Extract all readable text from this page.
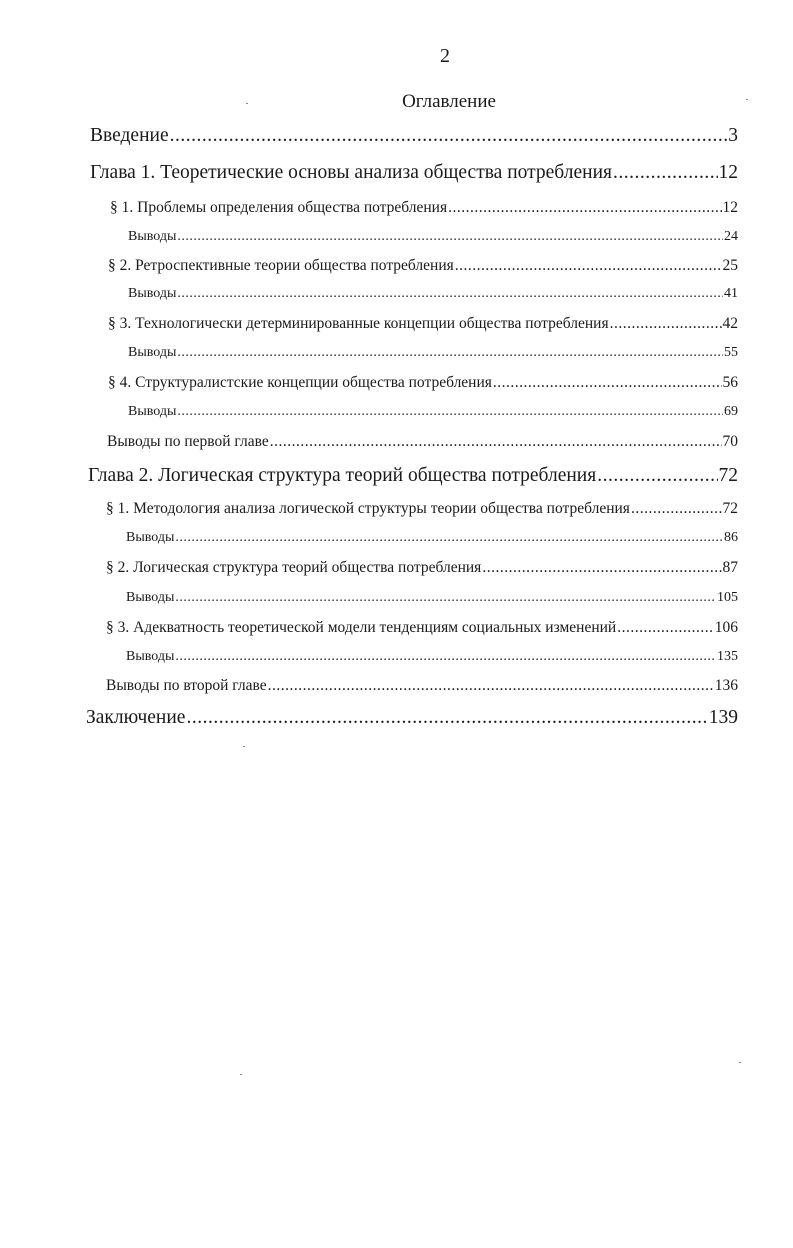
2
Оглавление
Введение .....	3
Глава 1. Теоретические основы анализа общества потребления .....	12
§ 1. Проблемы определения общества потребления .....	12
Выводы .....	24
§ 2. Ретроспективные теории общества потребления .....	25
Выводы .....	41
§ 3. Технологически детерминированные концепции общества потребления .....	42
Выводы .....	55
§ 4. Структуралистские концепции общества потребления .....	56
Выводы .....	69
Выводы по первой главе .....	70
Глава 2. Логическая структура теорий общества потребления .....	72
§ 1. Методология анализа логической структуры теории общества потребления .....	72
Выводы .....	86
§ 2. Логическая структура теорий общества потребления .....	87
Выводы .....	105
§ 3. Адекватность теоретической модели тенденциям социальных изменений .....	106
Выводы .....	135
Выводы по второй главе .....	136
Заключение .....	139
